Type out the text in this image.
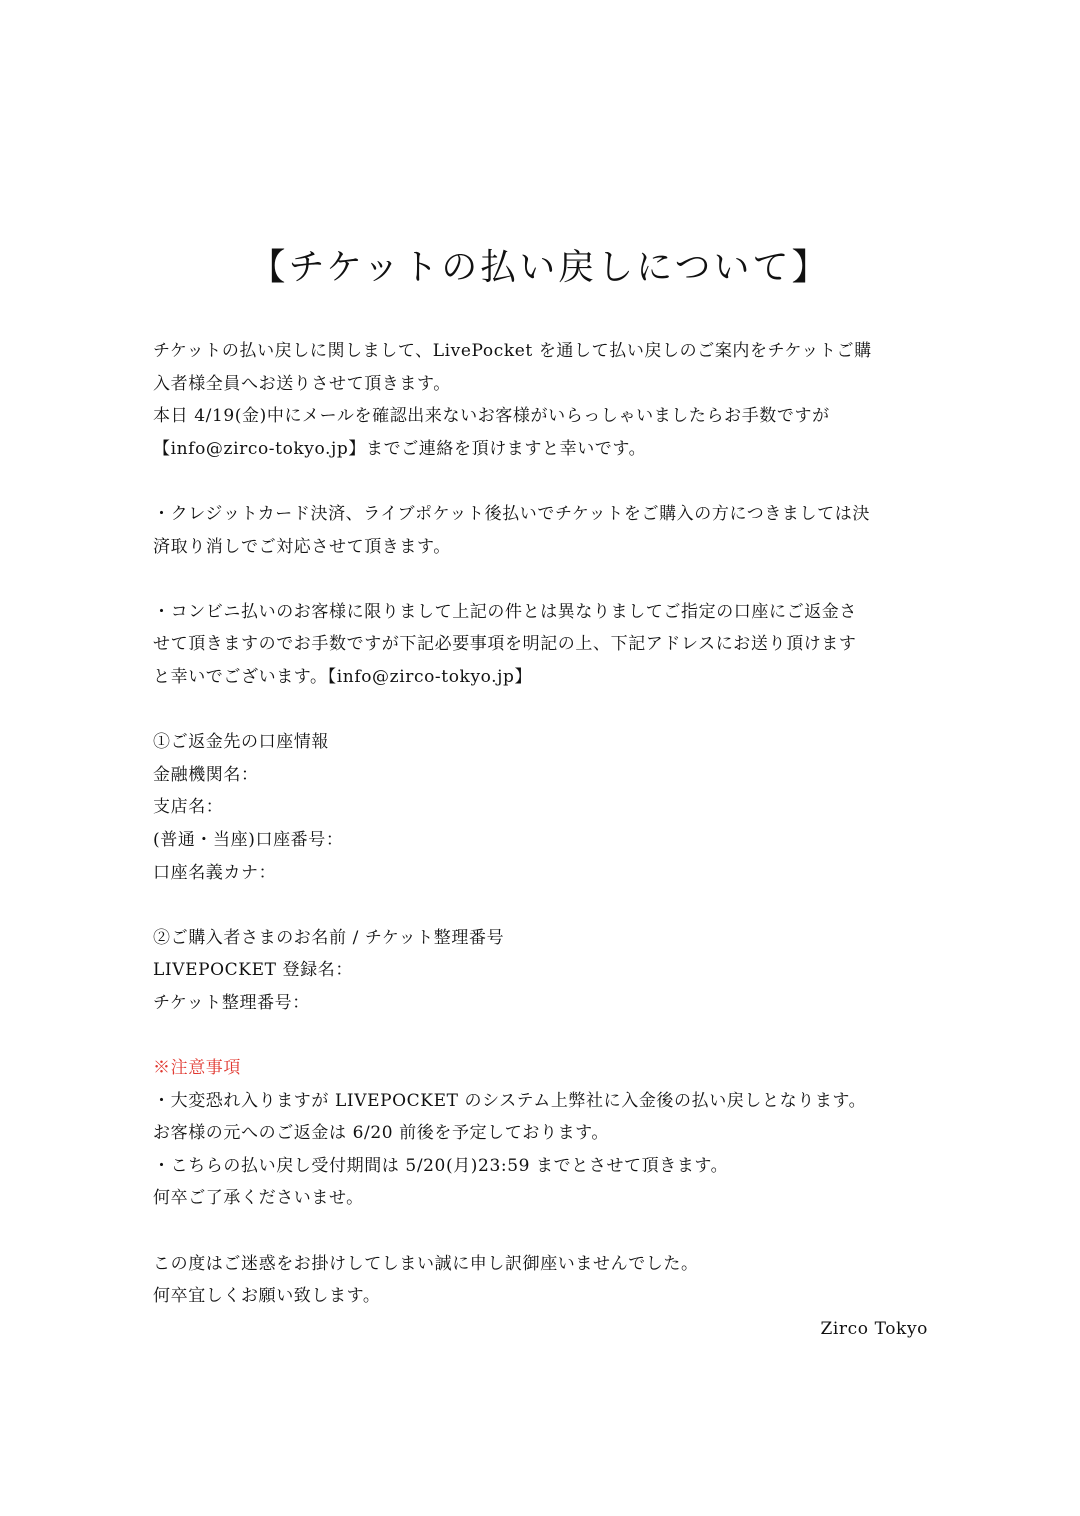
【チケットの払い戻しについて】
チケットの払い戻しに関しまして、LivePocket を通して払い戻しのご案内をチケットご購
入者様全員へお送りさせて頂きます。
本日 4/19(金)中にメールを確認出来ないお客様がいらっしゃいましたらお手数ですが
【info@zirco-tokyo.jp】までご連絡を頂けますと幸いです。
・クレジットカード決済、ライブポケット後払いでチケットをご購入の方につきましては決
済取り消しでご対応させて頂きます。
・コンビニ払いのお客様に限りまして上記の件とは異なりましてご指定の口座にご返金さ
せて頂きますのでお手数ですが下記必要事項を明記の上、下記アドレスにお送り頂けます
と幸いでございます。【info@zirco-tokyo.jp】
①ご返金先の口座情報
金融機関名：
支店名：
(普通・当座)口座番号：
口座名義カナ：
②ご購入者さまのお名前 / チケット整理番号
LIVEPOCKET 登録名：
チケット整理番号：
※注意事項
・大変恐れ入りますが LIVEPOCKET のシステム上弊社に入金後の払い戻しとなります。
お客様の元へのご返金は 6/20 前後を予定しております。
・こちらの払い戻し受付期間は 5/20(月)23:59 までとさせて頂きます。
何卒ご了承くださいませ。
この度はご迷惑をお掛けしてしまい誠に申し訳御座いませんでした。
何卒宜しくお願い致します。
Zirco Tokyo
